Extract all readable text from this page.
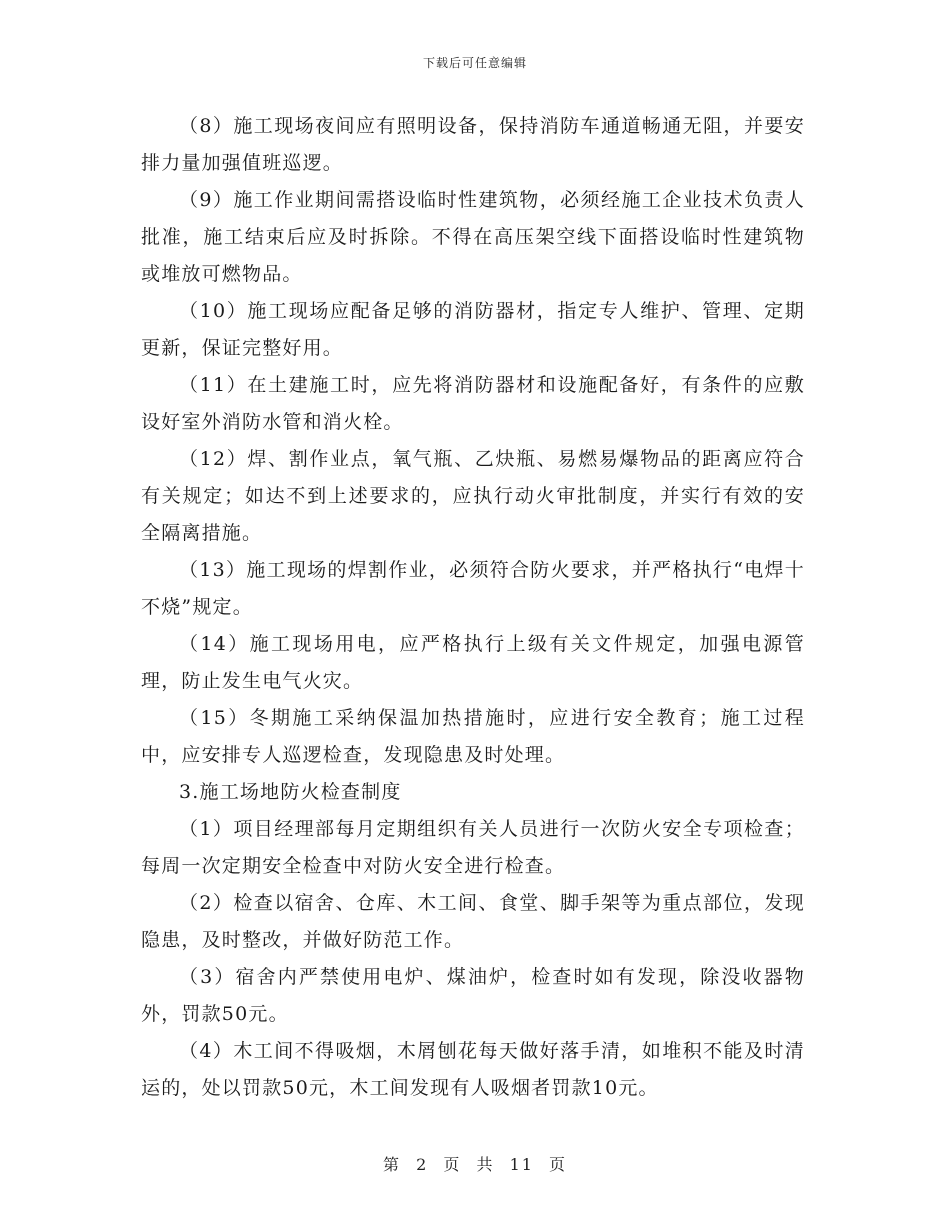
下载后可任意编辑

（8）施工现场夜间应有照明设备，保持消防车通道畅通无阻，并要安排力量加强值班巡逻。

（9）施工作业期间需搭设临时性建筑物，必须经施工企业技术负责人批准，施工结束后应及时拆除。不得在高压架空线下面搭设临时性建筑物或堆放可燃物品。

（10）施工现场应配备足够的消防器材，指定专人维护、管理、定期更新，保证完整好用。

（11）在土建施工时，应先将消防器材和设施配备好，有条件的应敷设好室外消防水管和消火栓。

（12）焊、割作业点，氧气瓶、乙炔瓶、易燃易爆物品的距离应符合有关规定；如达不到上述要求的，应执行动火审批制度，并实行有效的安全隔离措施。

（13）施工现场的焊割作业，必须符合防火要求，并严格执行“电焊十不烧”规定。

（14）施工现场用电，应严格执行上级有关文件规定，加强电源管理，防止发生电气火灾。

（15）冬期施工采纳保温加热措施时，应进行安全教育；施工过程中，应安排专人巡逻检查，发现隐患及时处理。

3.施工场地防火检查制度

（1）项目经理部每月定期组织有关人员进行一次防火安全专项检查；每周一次定期安全检查中对防火安全进行检查。

（2）检查以宿舍、仓库、木工间、食堂、脚手架等为重点部位，发现隐患，及时整改，并做好防范工作。

（3）宿舍内严禁使用电炉、煤油炉，检查时如有发现，除没收器物外，罚款50元。

（4）木工间不得吸烟，木屑刨花每天做好落手清，如堆积不能及时清运的，处以罚款50元，木工间发现有人吸烟者罚款10元。

第 2 页 共 11 页
